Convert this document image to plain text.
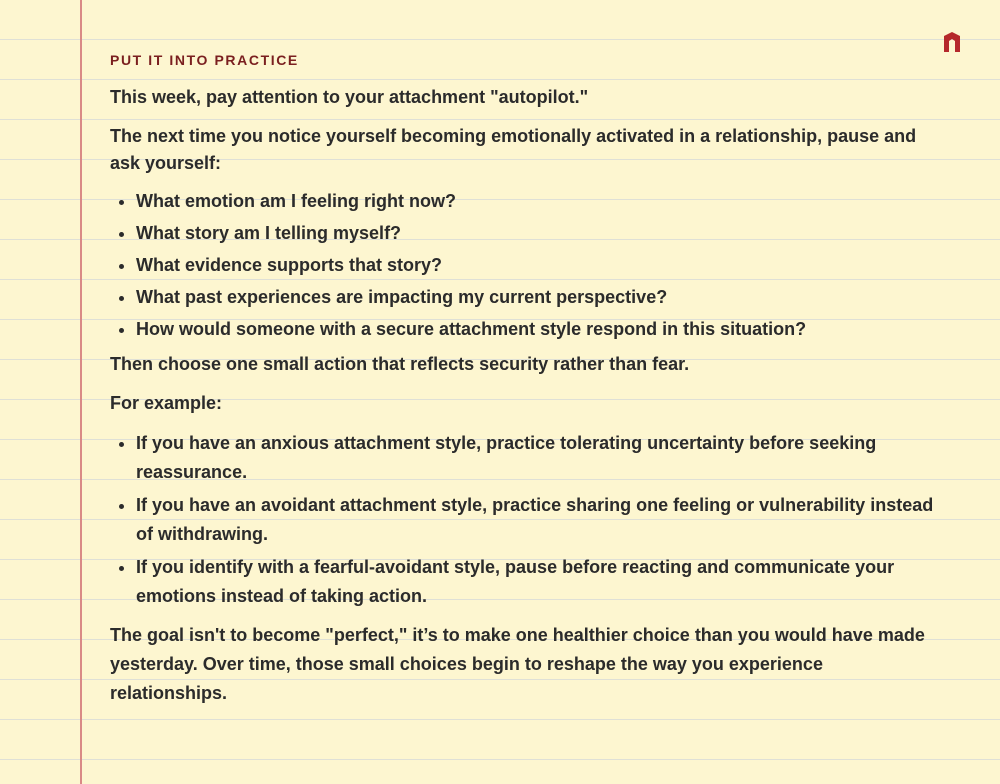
PUT IT INTO PRACTICE

This week, pay attention to your attachment "autopilot."

The next time you notice yourself becoming emotionally activated in a relationship, pause and ask yourself:

• What emotion am I feeling right now?
• What story am I telling myself?
• What evidence supports that story?
• What past experiences are impacting my current perspective?
• How would someone with a secure attachment style respond in this situation?

Then choose one small action that reflects security rather than fear.

For example:

• If you have an anxious attachment style, practice tolerating uncertainty before seeking reassurance.
• If you have an avoidant attachment style, practice sharing one feeling or vulnerability instead of withdrawing.
• If you identify with a fearful-avoidant style, pause before reacting and communicate your emotions instead of taking action.

The goal isn't to become "perfect," it’s to make one healthier choice than you would have made yesterday. Over time, those small choices begin to reshape the way you experience relationships.
